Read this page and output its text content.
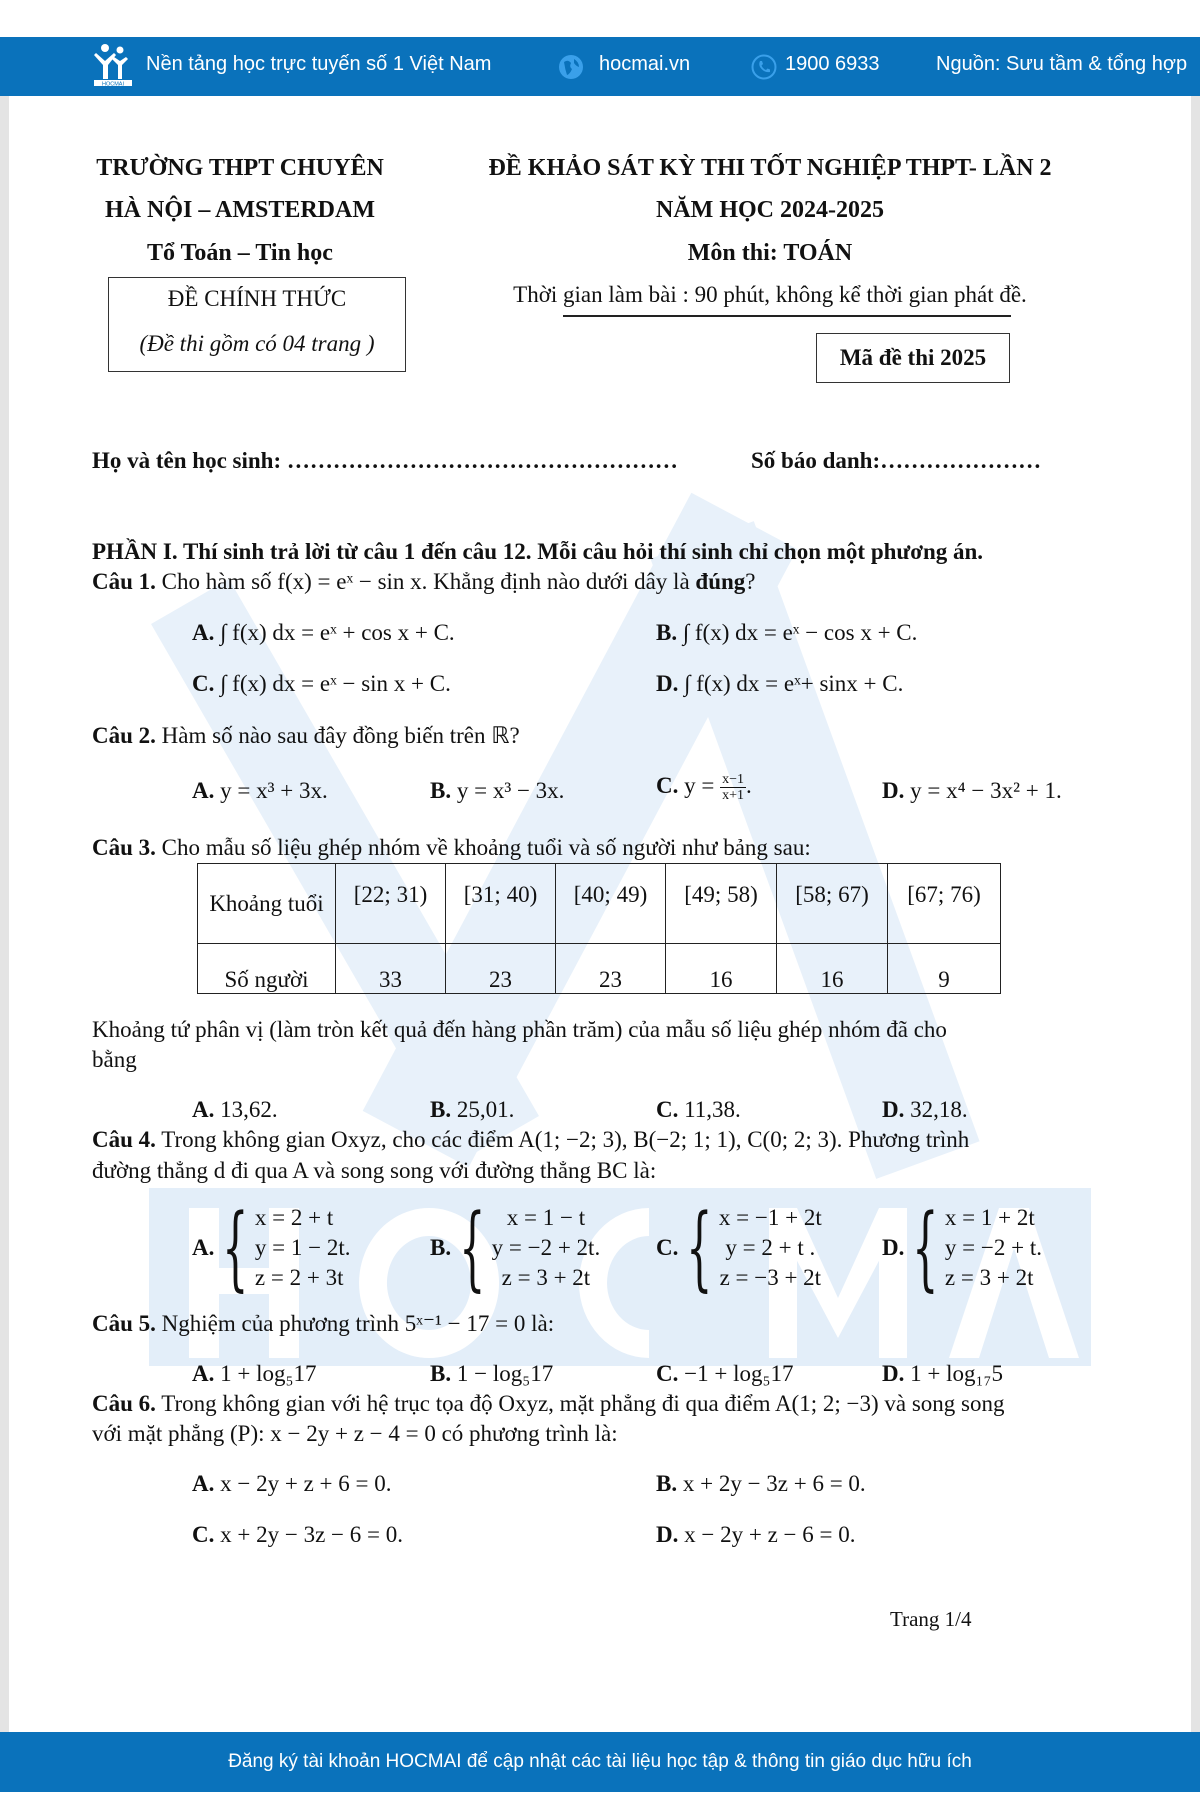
HOCMAI
Nền tảng học trực tuyến số 1 Việt Nam	hocmai.vn	1900 6933	Nguồn: Sưu tầm & tổng hợp
TRƯỜNG THPT CHUYÊN
HÀ NỘI – AMSTERDAM
Tổ Toán – Tin học
ĐỀ CHÍNH THỨC
(Đề thi gồm có 04 trang )
ĐỀ KHẢO SÁT KỲ THI TỐT NGHIỆP THPT- LẦN 2
NĂM HỌC 2024-2025
Môn thi: TOÁN
Thời gian làm bài : 90 phút, không kể thời gian phát đề.
Mã đề thi 2025
Họ và tên học sinh: ……………………………………………	Số báo danh:…………………
PHẦN I. Thí sinh trả lời từ câu 1 đến câu 12. Mỗi câu hỏi thí sinh chỉ chọn một phương án.
Câu 1. Cho hàm số f(x) = eˣ − sin x. Khẳng định nào dưới dây là đúng?
A. ∫ f(x) dx = eˣ + cos x + C.	B. ∫ f(x) dx = eˣ − cos x + C.
C. ∫ f(x) dx = eˣ − sin x + C.	D. ∫ f(x) dx = eˣ+ sinx + C.
Câu 2. Hàm số nào sau đây đồng biến trên ℝ?
A. y = x³ + 3x.	B. y = x³ − 3x.	C. $y = \frac{x-1}{x+1}$ .	D. y = x⁴ − 3x² + 1.
Câu 3. Cho mẫu số liệu ghép nhóm về khoảng tuổi và số người như bảng sau:
Khoảng tuổi	[22; 31)	[31; 40)	[40; 49)	[49; 58)	[58; 67)	[67; 76)
Số người	33	23	23	16	16	9
Khoảng tứ phân vị (làm tròn kết quả đến hàng phần trăm) của mẫu số liệu ghép nhóm đã cho
bằng
A. 13,62.	B. 25,01.	C. 11,38.	D. 32,18.
Câu 4. Trong không gian Oxyz, cho các điểm A(1; −2; 3), B(−2; 1; 1), C(0; 2; 3). Phương trình
đường thẳng d đi qua A và song song với đường thẳng BC là:
A. { x = 2 + t
y = 1 − 2t.
z = 2 + 3t
B. { x = 1 − t
y = −2 + 2t.
z = 3 + 2t
C. { x = −1 + 2t
y = 2 + t .
z = −3 + 2t
D. { x = 1 + 2t
y = −2 + t.
z = 3 + 2t
Câu 5. Nghiệm của phương trình 5ˣ⁻¹ − 17 = 0 là:
A. 1 + log₅17	B. 1 − log₅17	C. −1 + log₅17	D. 1 + log₁₇5
Câu 6. Trong không gian với hệ trục tọa độ Oxyz, mặt phẳng đi qua điểm A(1; 2; −3) và song song
với mặt phẳng (P): x − 2y + z − 4 = 0 có phương trình là:
A. x − 2y + z + 6 = 0.	B. x + 2y − 3z + 6 = 0.
C. x + 2y − 3z − 6 = 0.	D. x − 2y + z − 6 = 0.
Trang 1/4
Đăng ký tài khoản HOCMAI để cập nhật các tài liệu học tập & thông tin giáo dục hữu ích
